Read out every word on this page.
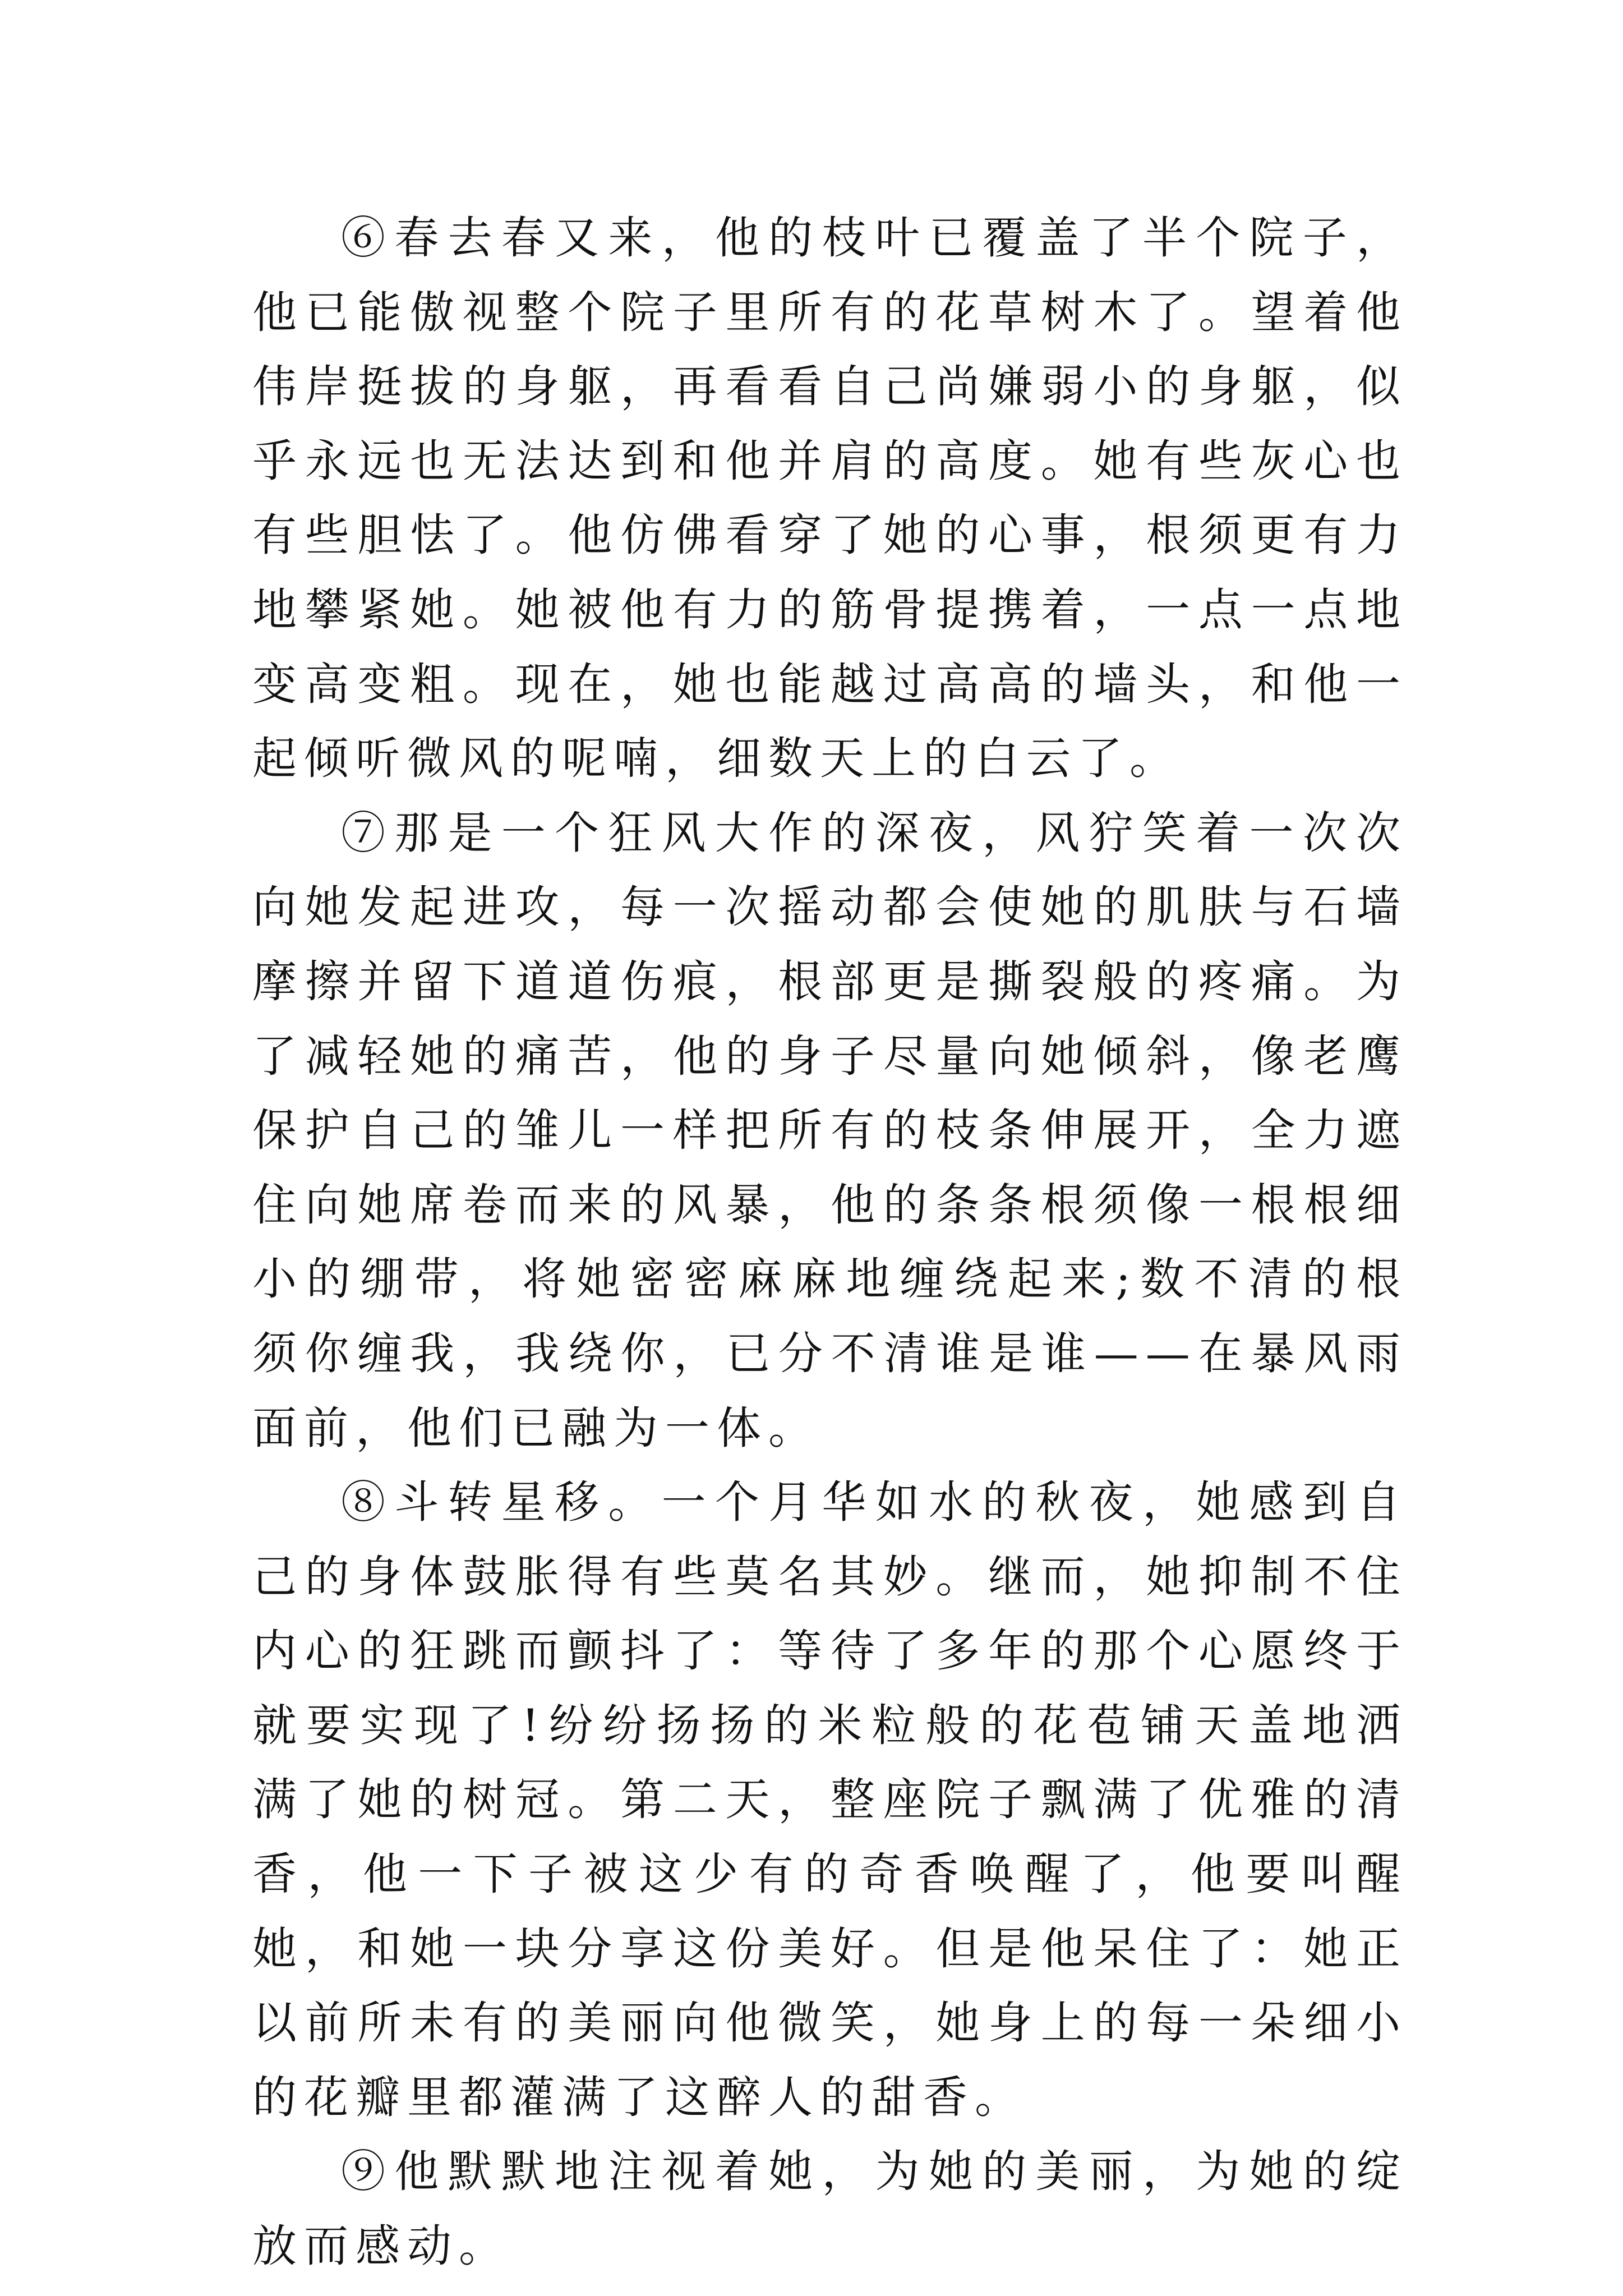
⑥春去春又来，他的枝叶已覆盖了半个院子，他已能傲视整个院子里所有的花草树木了。望着他伟岸挺拔的身躯，再看看自己尚嫌弱小的身躯，似乎永远也无法达到和他并肩的高度。她有些灰心也有些胆怯了。他仿佛看穿了她的心事，根须更有力地攀紧她。她被他有力的筋骨提携着，一点一点地变高变粗。现在，她也能越过高高的墙头，和他一起倾听微风的呢喃，细数天上的白云了。

⑦那是一个狂风大作的深夜，风狞笑着一次次向她发起进攻，每一次摇动都会使她的肌肤与石墙摩擦并留下道道伤痕，根部更是撕裂般的疼痛。为了减轻她的痛苦，他的身子尽量向她倾斜，像老鹰保护自己的雏儿一样把所有的枝条伸展开，全力遮住向她席卷而来的风暴，他的条条根须像一根根细小的绷带，将她密密麻麻地缠绕起来;数不清的根须你缠我，我绕你，已分不清谁是谁——在暴风雨面前，他们已融为一体。

⑧斗转星移。一个月华如水的秋夜，她感到自己的身体鼓胀得有些莫名其妙。继而，她抑制不住内心的狂跳而颤抖了：等待了多年的那个心愿终于就要实现了!纷纷扬扬的米粒般的花苞铺天盖地洒满了她的树冠。第二天，整座院子飘满了优雅的清香，他一下子被这少有的奇香唤醒了，他要叫醒她，和她一块分享这份美好。但是他呆住了：她正以前所未有的美丽向他微笑，她身上的每一朵细小的花瓣里都灌满了这醉人的甜香。

⑨他默默地注视着她，为她的美丽，为她的绽放而感动。
